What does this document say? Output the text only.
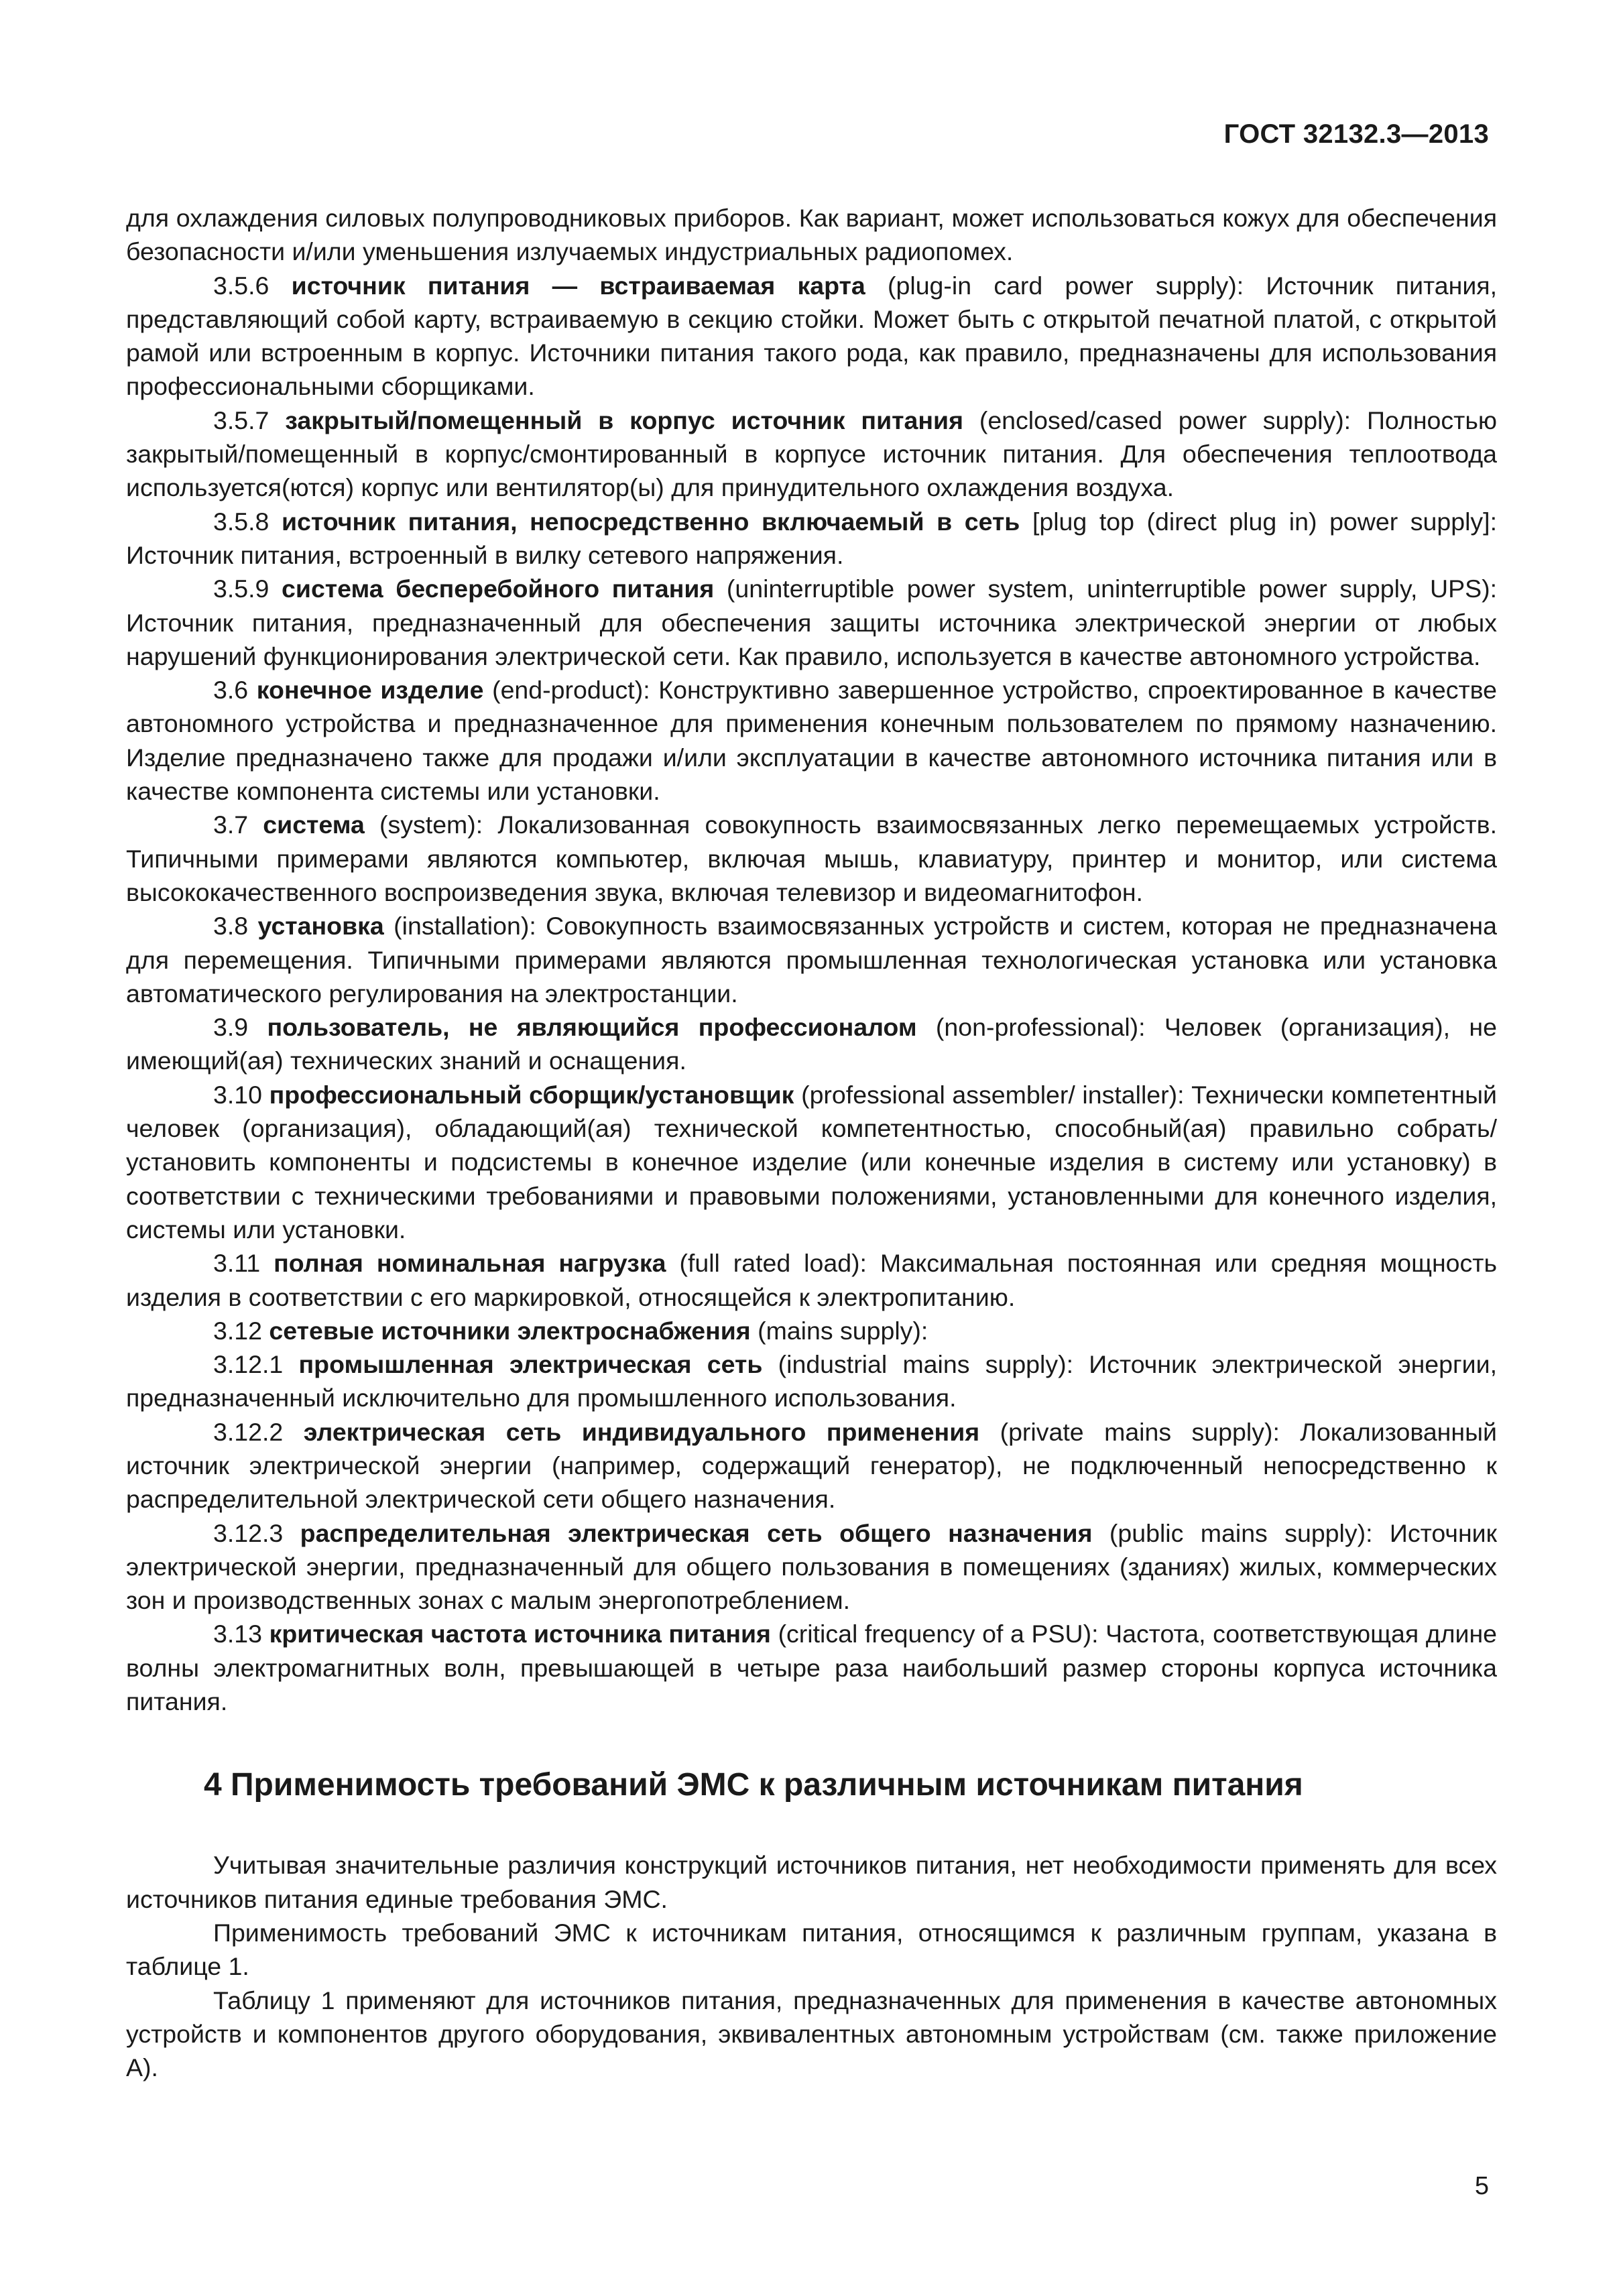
ГОСТ 32132.3—2013

для охлаждения силовых полупроводниковых приборов. Как вариант, может использоваться кожух для обеспечения безопасности и/или уменьшения излучаемых индустриальных радиопомех.

3.5.6 источник питания — встраиваемая карта (plug-in card power supply): Источник питания, представляющий собой карту, встраиваемую в секцию стойки. Может быть с открытой печатной платой, с открытой рамой или встроенным в корпус. Источники питания такого рода, как правило, предназначены для использования профессиональными сборщиками.

3.5.7 закрытый/помещенный в корпус источник питания (enclosed/cased power supply): Полностью закрытый/помещенный в корпус/смонтированный в корпусе источник питания. Для обеспечения теплоотвода используется(ются) корпус или вентилятор(ы) для принудительного охлаждения воздуха.

3.5.8 источник питания, непосредственно включаемый в сеть [plug top (direct plug in) power supply]: Источник питания, встроенный в вилку сетевого напряжения.

3.5.9 система бесперебойного питания (uninterruptible power system, uninterruptible power supply, UPS): Источник питания, предназначенный для обеспечения защиты источника электрической энергии от любых нарушений функционирования электрической сети. Как правило, используется в качестве автономного устройства.

3.6 конечное изделие (end-product): Конструктивно завершенное устройство, спроектированное в качестве автономного устройства и предназначенное для применения конечным пользователем по прямому назначению. Изделие предназначено также для продажи и/или эксплуатации в качестве автономного источника питания или в качестве компонента системы или установки.

3.7 система (system): Локализованная совокупность взаимосвязанных легко перемещаемых устройств. Типичными примерами являются компьютер, включая мышь, клавиатуру, принтер и монитор, или система высококачественного воспроизведения звука, включая телевизор и видеомагнитофон.

3.8 установка (installation): Совокупность взаимосвязанных устройств и систем, которая не предназначена для перемещения. Типичными примерами являются промышленная технологическая установка или установка автоматического регулирования на электростанции.

3.9 пользователь, не являющийся профессионалом (non-professional): Человек (организация), не имеющий(ая) технических знаний и оснащения.

3.10 профессиональный сборщик/установщик (professional assembler/ installer): Технически компетентный человек (организация), обладающий(ая) технической компетентностью, способный(ая) правильно собрать/установить компоненты и подсистемы в конечное изделие (или конечные изделия в систему или установку) в соответствии с техническими требованиями и правовыми положениями, установленными для конечного изделия, системы или установки.

3.11 полная номинальная нагрузка (full rated load): Максимальная постоянная или средняя мощность изделия в соответствии с его маркировкой, относящейся к электропитанию.

3.12 сетевые источники электроснабжения (mains supply):

3.12.1 промышленная электрическая сеть (industrial mains supply): Источник электрической энергии, предназначенный исключительно для промышленного использования.

3.12.2 электрическая сеть индивидуального применения (private mains supply): Локализованный источник электрической энергии (например, содержащий генератор), не подключенный непосредственно к распределительной электрической сети общего назначения.

3.12.3 распределительная электрическая сеть общего назначения (public mains supply): Источник электрической энергии, предназначенный для общего пользования в помещениях (зданиях) жилых, коммерческих зон и производственных зонах с малым энергопотреблением.

3.13 критическая частота источника питания (critical frequency of a PSU): Частота, соответствующая длине волны электромагнитных волн, превышающей в четыре раза наибольший размер стороны корпуса источника питания.

4 Применимость требований ЭМС к различным источникам питания

Учитывая значительные различия конструкций источников питания, нет необходимости применять для всех источников питания единые требования ЭМС.

Применимость требований ЭМС к источникам питания, относящимся к различным группам, указана в таблице 1.

Таблицу 1 применяют для источников питания, предназначенных для применения в качестве автономных устройств и компонентов другого оборудования, эквивалентных автономным устройствам (см. также приложение А).

5
